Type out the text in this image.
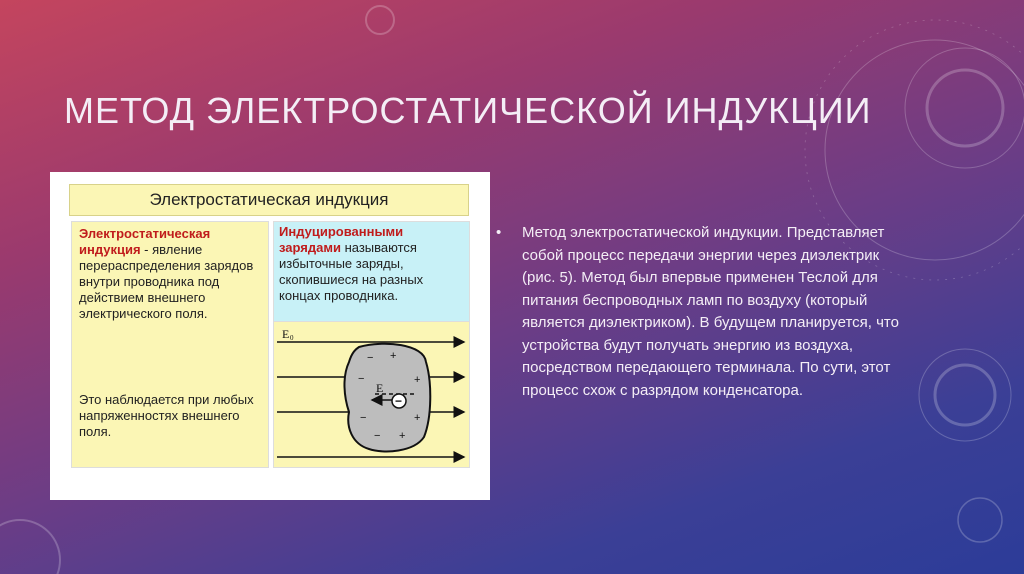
МЕТОД ЭЛЕКТРОСТАТИЧЕСКОЙ ИНДУКЦИИ
Электростатическая индукция
Электростатическая индукция - явление перераспределения зарядов внутри проводника под действием внешнего электрического поля.
Это наблюдается при любых напряженностях внешнего поля.
Индуцированными зарядами называются избыточные заряды, скопившиеся на разных концах проводника.
− +
−	+
−	+
− +
−
E 0
E
• Метод электростатической индукции. Представляет собой процесс передачи энергии через диэлектрик (рис. 5). Метод был впервые применен Теслой для питания беспроводных ламп по воздуху (который является диэлектриком). В будущем планируется, что устройства будут получать энергию из воздуха, посредством передающего терминала. По сути, этот процесс схож с разрядом конденсатора.
